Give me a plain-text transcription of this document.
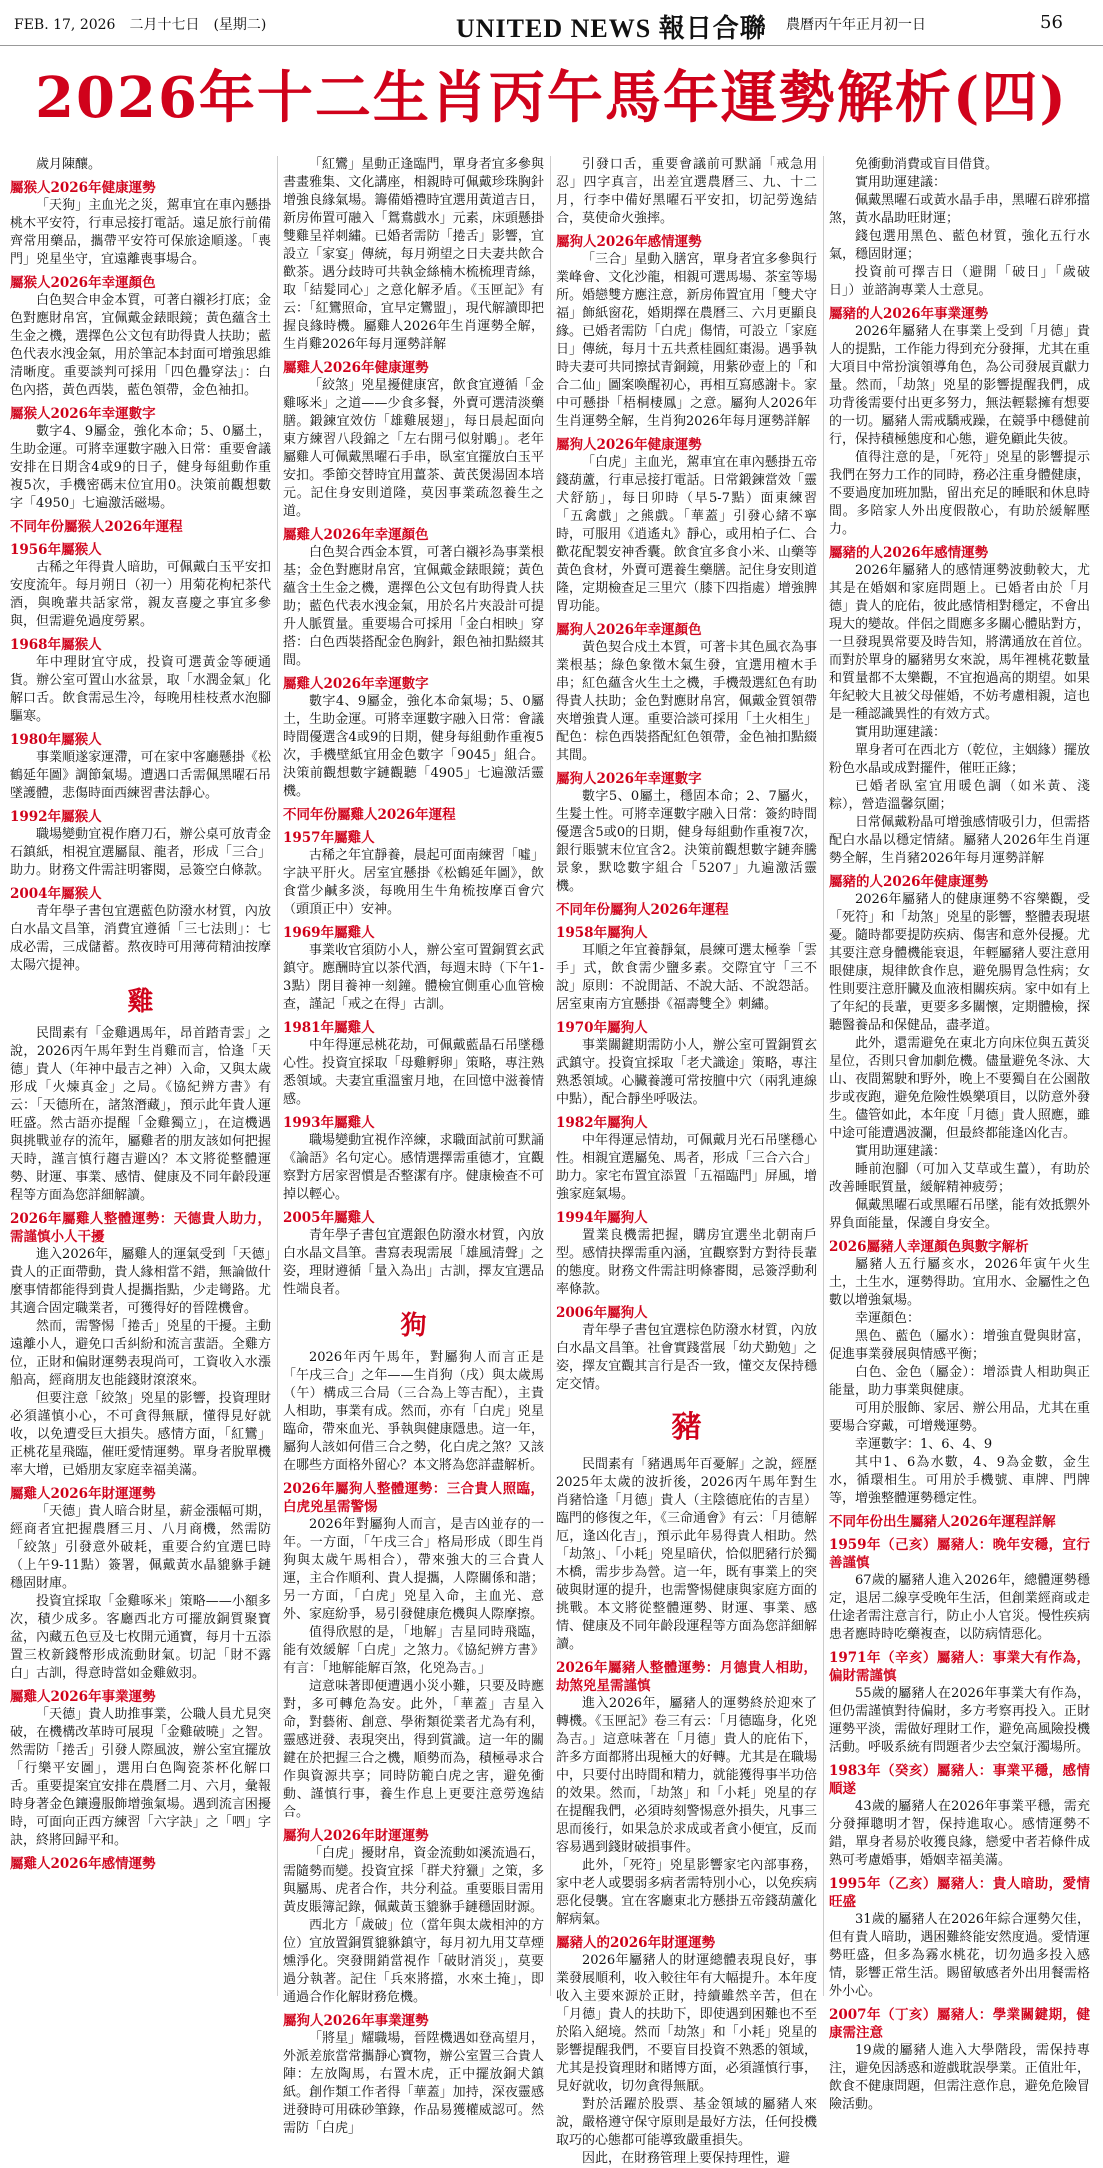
FEB. 17, 2026　 二月十七日　 (星期二)	UNITED NEWS 報日合聯 農曆丙午年正月初一日	56
2026年十二生肖丙午馬年運勢解析(四)
歲月陳釀。
屬猴人2026年健康運勢
「天狗」主血光之災，駕車宜在車內懸掛桃木平安符，行車忌接打電話。遠足旅行前備齊常用藥品，攜帶平安符可保旅途順遂。「喪門」兇星坐守，宜遠離喪事場合。
屬猴人2026年幸運顏色
白色契合申金本質，可著白襯衫打底；金色對應財帛宮，宜佩戴金錶眼鏡；黃色蘊含土生金之機，選擇色公文包有助得貴人扶助；藍色代表水洩金氣，用於筆記本封面可增強思維清晰度。重要談判可採用「四色疊穿法」：白色內搭，黃色西裝，藍色領帶，金色袖扣。
屬猴人2026年幸運數字
數字4、9屬金，強化本命；5、0屬土，生助金運。可將幸運數字融入日常：重要會議安排在日期含4或9的日子，健身每組動作重複5次，手機密碼末位宜用0。決策前觀想數字「4950」七遍激活磁場。
不同年份屬猴人2026年運程
1956年屬猴人
古稀之年得貴人暗助，可佩戴白玉平安扣安度流年。每月朔日（初一）用菊花枸杞茶代酒，與晚輩共話家常，親友喜慶之事宜多參與，但需避免過度勞累。
1968年屬猴人
年中理財宜守成，投資可選黃金等硬通貨。辦公室可置山水盆景，取「水潤金氣」化解口舌。飲食需忌生冷，每晚用桂枝煮水泡腳驅寒。
1980年屬猴人
事業順遂家運滯，可在家中客廳懸掛《松鶴延年圖》調節氣場。遭遇口舌需佩黑曜石吊墜護體，悲傷時面西練習書法靜心。
1992年屬猴人
職場變動宜視作磨刀石，辦公桌可放青金石鎮紙，相視宜選屬鼠、龍者，形成「三合」助力。財務文件需註明審閱，忌簽空白條款。
2004年屬猴人
青年學子書包宜選藍色防潑水材質，內放白水晶文昌筆，消費宜遵循「三七法則」：七成必需，三成儲蓄。熬夜時可用薄荷精油按摩太陽穴提神。
雞
民間素有「金雞遇馬年，昂首踏青雲」之說，2026丙午馬年對生肖雞而言，恰逢「天德」貴人（年神中最吉之神）入命，又與太歲形成「火煉真金」之局。《協紀辨方書》有云：「天德所在，諸煞潛藏」，預示此年貴人運旺盛。然古語亦提醒「金雞獨立」，在這機遇與挑戰並存的流年，屬雞者的朋友該如何把握天時，謹言慎行趨吉避凶？本文將從整體運勢、財運、事業、感情、健康及不同年齡段運程等方面為您詳細解讀。
2026年屬雞人整體運勢：天德貴人助力，需謹慎小人干擾
進入2026年，屬雞人的運氣受到「天德」貴人的正面帶動，貴人緣相當不錯，無論做什麼事情都能得到貴人提攜指點，少走彎路。尤其適合固定職業者，可獲得好的晉陞機會。
然而，需警惕「捲舌」兇星的干擾。主動遠離小人，避免口舌糾紛和流言蜚語。全雞方位，正財和偏財運勢表現尚可，工資收入水漲船高，經商朋友也能錢財滾滾來。
但要注意「絞煞」兇星的影響，投資理財必須謹慎小心，不可貪得無厭，懂得見好就收，以免遭受巨大損失。感情方面，「紅鸞」正桃花星飛臨，催旺愛情運勢。單身者脫單機率大增，已婚朋友家庭幸福美滿。
屬雞人2026年財運運勢
「天德」貴人暗合財星，薪金漲幅可期，經商者宜把握農曆三月、八月商機，然需防「絞煞」引發意外破耗，重要合約宜選巳時（上午9-11點）簽署，佩戴黃水晶貔貅手鏈穩固財庫。
投資宜採取「金雞啄米」策略——小額多次，積少成多。客廳西北方可擺放銅質聚寶盆，內藏五色豆及七枚開元通寶，每月十五添置三枚新錢幣形成流動財氣。切記「財不露白」古訓，得意時當如金雞斂羽。
屬雞人2026年事業運勢
「天德」貴人助推事業，公職人員尤見突破，在機構改革時可展現「金雞破曉」之智。然需防「捲舌」引發人際風波，辦公室宜擺放「行樂平安圖」，選用白色陶瓷茶杯化解口舌。重要提案宜安排在農曆二月、六月，彙報時身著金色鑲邊服飾增強氣場。遇到流言困擾時，可面向正西方練習「六字訣」之「呬」字訣，終將回歸平和。
屬雞人2026年感情運勢
「紅鸞」星動正逢臨門，單身者宜多參與書畫雅集、文化講座，相親時可佩戴珍珠胸針增強良緣氣場。籌備婚禮時宜選用黃道吉日，新房佈置可融入「鴛鴦戲水」元素，床頭懸掛雙雞呈祥刺繡。已婚者需防「捲舌」影響，宜設立「家宴」傳統，每月朔望之日夫妻共飲合歡茶。遇分歧時可共執金絲楠木梳梳理青絲，取「結髮同心」之意化解矛盾。《玉匣記》有云：「紅鸞照命，宜早定鸞盟」，現代解讀即把握良緣時機。屬雞人2026年生肖運勢全解，生肖雞2026年每月運勢詳解
屬雞人2026年健康運勢
「絞煞」兇星擾健康宮，飲食宜遵循「金雞啄米」之道——少食多餐，外賣可選清淡藥膳。鍛鍊宜效仿「雄雞展翅」，每日晨起面向東方練習八段錦之「左右開弓似射鵰」。老年屬雞人可佩戴黑曜石手串，臥室宜擺放白玉平安扣。季節交替時宜用薑茶、黃芪煲湯固本培元。記住身安則道隆，莫因事業疏忽養生之道。
屬雞人2026年幸運顏色
白色契合西金本質，可著白襯衫為事業根基；金色對應財帛宮，宜佩戴金錶眼鏡；黃色蘊含土生金之機，選擇色公文包有助得貴人扶助；藍色代表水洩金氣，用於名片夾設計可提升人脈質量。重要場合可採用「金白相映」穿搭：白色西裝搭配金色胸針，銀色袖扣點綴其間。
屬雞人2026年幸運數字
數字4、9屬金，強化本命氣場；5、0屬土，生助金運。可將幸運數字融入日常：會議時間優選含4或9的日期，健身每組動作重複5次，手機壁紙宜用金色數字「9045」組合。決策前觀想數字鏈觀聽「4905」七遍激活靈機。
不同年份屬雞人2026年運程
1957年屬雞人
古稀之年宜靜養，晨起可面南練習「噓」字訣平肝火。居室宜懸掛《松鶴延年圖》，飲食當少鹹多淡，每晚用生牛角梳按摩百會穴（頭頂正中）安神。
1969年屬雞人
事業收官須防小人，辦公室可置銅質玄武鎮守。應酬時宜以茶代酒，每週末時（下午1-3點）閉目養神一刻鐘。體檢宜側重心血管檢查，謹記「戒之在得」古訓。
1981年屬雞人
中年得運忌桃花劫，可佩戴藍晶石吊墜穩心性。投資宜採取「母雞孵卵」策略，專注熟悉領域。夫妻宜重溫蜜月地，在回憶中滋養情感。
1993年屬雞人
職場變動宜視作淬練，求職面試前可默誦《論語》名句定心。感情選擇需重德才，宜觀察對方居家習慣是否整潔有序。健康檢查不可掉以輕心。
2005年屬雞人
青年學子書包宜選銀色防潑水材質，內放白水晶文昌筆。書寫表現需展「雄風清聲」之姿，理財遵循「量入為出」古訓，擇友宜選品性端良者。
狗
2026年丙午馬年，對屬狗人而言正是「午戌三合」之年——生肖狗（戌）與太歲馬（午）構成三合局（三合為上等吉配），主貴人相助，事業有成。然而，亦有「白虎」兇星臨命，帶來血光、爭執與健康隱患。這一年，屬狗人該如何借三合之勢，化白虎之煞？又該在哪些方面格外留心？本文將為您詳盡解析。
2026年屬狗人整體運勢：三合貴人照臨，白虎兇星需警惕
2026年對屬狗人而言，是吉凶並存的一年。一方面，「午戌三合」格局形成（即生肖狗與太歲午馬相合），帶來強大的三合貴人運，主合作順利、貴人提攜，人際關係和諧；另一方面，「白虎」兇星入命，主血光、意外、家庭紛爭，易引發健康危機與人際摩擦。
值得欣慰的是，「地解」吉星同時飛臨，能有效緩解「白虎」之煞力。《協紀辨方書》有言：「地解能解百煞，化兇為吉。」
這意味著即便遭遇小災小難，只要及時應對，多可轉危為安。此外，「華蓋」吉星入命，對藝術、創意、學術類從業者尤為有利，靈感迸發、表現突出，得到賞識。這一年的關鍵在於把握三合之機，順勢而為，積極尋求合作與資源共享；同時防範白虎之害，避免衝動、謹慎行事，養生作息上更要注意勞逸結合。
屬狗人2026年財運運勢
「白虎」擾財帛，資金流動如溪流過石，需隨勢而變。投資宜採「群犬狩獵」之策，多與屬馬、虎者合作，共分利益。重要賬目需用黃皮賬簿記錄，佩戴黃玉貔貅手鏈穩固財源。
西北方「歲破」位（當年與太歲相沖的方位）宜放置銅質貔貅鎮守，每月初九用艾草煙燻淨化。突發開銷當視作「破財消災」，莫要過分執著。記住「兵來將擋，水來土掩」，即通過合作化解財務危機。
屬狗人2026年事業運勢
「將星」耀職場，晉陞機遇如登高望月，外派差旅當常攜靜心寶物，辦公室置三合貴人陣：左放陶馬，右置木虎，正中擺放銅犬鎮紙。創作類工作者得「華蓋」加持，深夜靈感迸發時可用硃砂筆錄，作品易獲權威認可。然需防「白虎」
引發口舌，重要會議前可默誦「戒急用忍」四字真言，出差宜選農曆三、九、十二月，行李中備好黑曜石平安扣，切記勞逸結合，莫使命火強摔。
屬狗人2026年感情運勢
「三合」星動入膳宮，單身者宜多參與行業峰會、文化沙龍，相親可選馬場、茶室等場所。婚戀雙方應注意，新房佈置宜用「雙犬守福」飾紙窗花，婚期擇在農曆三、六月更顯良緣。已婚者需防「白虎」傷情，可設立「家庭日」傳統，每月十五共煮桂圓紅棗湯。遇爭執時夫妻可共同擦拭青銅鏡，用紫砂壺上的「和合二仙」圖案喚醒初心，再相互寫感謝卡。家中可懸掛「梧桐棲鳳」之意。屬狗人2026年生肖運勢全解，生肖狗2026年每月運勢詳解
屬狗人2026年健康運勢
「白虎」主血光，駕車宜在車內懸掛五帝錢葫蘆，行車忌接打電話。日常鍛鍊當效「靈犬舒筋」，每日卯時（早5-7點）面東練習「五禽戲」之熊戲。「華蓋」引發心緒不寧時，可服用《逍遙丸》靜心，或用柏子仁、合歡花配製安神香囊。飲食宜多食小米、山藥等黃色食材，外賣可選養生藥膳。記住身安則道隆，定期檢查足三里穴（膝下四指處）增強脾胃功能。
屬狗人2026年幸運顏色
黃色契合戍土本質，可著卡其色風衣為事業根基；綠色象徵木氣生發，宜選用檀木手串；紅色蘊含火生土之機，手機殼選紅色有助得貴人扶助；金色對應財帛宮，佩戴金質領帶夾增強貴人運。重要洽談可採用「土火相生」配色：棕色西裝搭配紅色領帶，金色袖扣點綴其間。
屬狗人2026年幸運數字
數字5、0屬土，穩固本命；2、7屬火，生髮土性。可將幸運數字融入日常：簽約時間優選含5或0的日期，健身每組動作重複7次，銀行賬號末位宜含2。決策前觀想數字鏈奔騰景象，默唸數字組合「5207」九遍激活靈機。
不同年份屬狗人2026年運程
1958年屬狗人
耳順之年宜養靜氣，晨練可選太極拳「雲手」式，飲食需少鹽多素。交際宜守「三不說」原則：不說閒話、不說大話、不說怨話。居室東南方宜懸掛《福壽雙全》刺繡。
1970年屬狗人
事業關鍵期需防小人，辦公室可置銅質玄武鎮守。投資宜採取「老犬識途」策略，專注熟悉領域。心臟養護可常按膻中穴（兩乳連線中點），配合靜坐呼吸法。
1982年屬狗人
中年得運忌情劫，可佩戴月光石吊墜穩心性。相親宜選屬兔、馬者，形成「三合六合」助力。家宅布置宜添置「五福臨門」屏風，增強家庭氣場。
1994年屬狗人
置業良機需把握，購房宜選坐北朝南戶型。感情抉擇需重內涵，宜觀察對方對待長輩的態度。財務文件需註明條審閱，忌簽浮動利率條款。
2006年屬狗人
青年學子書包宜選棕色防潑水材質，內放白水晶文昌筆。社會實踐當展「幼犬勤勉」之姿，擇友宜觀其言行是否一致，懂交友保持穩定交情。
豬
民間素有「豬遇馬年百憂解」之說，經歷2025年太歲的波折後，2026丙午馬年對生肖豬恰逢「月德」貴人（主陰德庇佑的吉星）臨門的修復之年，《三命通會》有云：「月德解厄，逢凶化吉」，預示此年易得貴人相助。然「劫煞」、「小耗」兇星暗伏，恰似肥豬行於獨木橋，需步步為營。這一年，既有事業上的突破與財運的提升，也需警惕健康與家庭方面的挑戰。本文將從整體運勢、財運、事業、感情、健康及不同年齡段運程等方面為您詳細解讀。
2026年屬豬人整體運勢：月德貴人相助，劫煞兇星需謹慎
進入2026年，屬豬人的運勢終於迎來了轉機。《玉匣記》卷三有云：「月德臨身，化兇為吉。」這意味著在「月德」貴人的庇佑下，許多方面都將出現極大的好轉。尤其是在職場中，只要付出時間和精力，就能獲得事半功倍的效果。然而，「劫煞」和「小耗」兇星的存在提醒我們，必須時刻警惕意外損失，凡事三思而後行，如果急於求成或者貪小便宜，反而容易遇到錢財破損事件。
此外，「死符」兇星影響家宅內部事務，家中老人或嬰弱多病者需特別小心，以免疾病惡化侵襲。宜在客廳東北方懸掛五帝錢葫蘆化解病氣。
屬豬人的2026年財運運勢
2026年屬豬人的財運總體表現良好，事業發展順利，收入較往年有大幅提升。本年度收入主要來源於正財，持續雖然辛苦，但在「月德」貴人的扶助下，即使遇到困難也不至於陷入絕境。然而「劫煞」和「小耗」兇星的影響提醒我們，不要盲目投資不熟悉的領域，尤其是投資理財和賭博方面，必須謹慎行事，見好就收，切勿貪得無厭。
對於活躍於股票、基金領域的屬豬人來說，嚴格遵守保守原則是最好方法，任何投機取巧的心態都可能導致嚴重損失。
因此，在財務管理上要保持理性，避
免衝動消費或盲目借貸。
實用助運建議：
佩戴黑曜石或黃水晶手串，黑曜石辟邪擋煞，黃水晶助旺財運；
錢包選用黑色、藍色材質，強化五行水氣，穩固財運；
投資前可擇吉日（避開「破日」「歲破日」）並諮詢專業人士意見。
屬豬的人2026年事業運勢
2026年屬豬人在事業上受到「月德」貴人的提點，工作能力得到充分發揮，尤其在重大項目中常扮演領導角色，為公司發展貢獻力量。然而，「劫煞」兇星的影響提醒我們，成功背後需要付出更多努力，無法輕鬆擁有想要的一切。屬豬人需戒驕戒躁，在競爭中穩健前行，保持積極態度和心態，避免顧此失彼。
值得注意的是，「死符」兇星的影響提示我們在努力工作的同時，務必注重身體健康，不要過度加班加點，留出充足的睡眠和休息時間。多陪家人外出度假散心，有助於緩解壓力。
屬豬的人2026年感情運勢
2026年屬豬人的感情運勢波動較大，尤其是在婚姻和家庭問題上。已婚者由於「月德」貴人的庇佑，彼此感情相對穩定，不會出現大的變故。伴侶之間應多多關心體貼對方，一旦發現異常要及時告知，將溝通放在首位。而對於單身的屬豬男女來說，馬年裡桃花數量和質量都不太樂觀，不宜抱過高的期望。如果年紀較大且被父母催婚，不妨考慮相親，這也是一種認識異性的有效方式。
實用助運建議：
單身者可在西北方（乾位，主姻緣）擺放粉色水晶或成對擺件，催旺正緣；
已婚者臥室宜用暖色調（如米黃、淺粽），營造溫馨氛圍；
日常佩戴粉晶可增強感情吸引力，但需搭配白水晶以穩定情緒。屬豬人2026年生肖運勢全解，生肖豬2026年每月運勢詳解
屬豬的人2026年健康運勢
2026年屬豬人的健康運勢不容樂觀，受「死符」和「劫煞」兇星的影響，整體表現堪憂。隨時都要提防疾病、傷害和意外侵擾。尤其要注意身體機能衰退，年輕屬豬人要注意用眼健康，規律飲食作息，避免腸胃急性病；女性則要注意肝臟及血液相關疾病。家中如有上了年紀的長輩，更要多多關懷，定期體檢，探聽醫養品和保健品，盡孝道。
此外，還需避免在東北方向床位與五黃災星位，否則只會加劇危機。儘量避免冬泳、大山、夜間駕駛和野外，晚上不要獨自在公園散步或夜跑，避免危險性娛樂項目，以防意外發生。儘管如此，本年度「月德」貴人照應，雖中途可能遭遇波瀾，但最終都能逢凶化吉。
實用助運建議：
睡前泡腳（可加入艾草或生薑），有助於改善睡眠質量，緩解精神疲勞；
佩戴黑曜石或黑曜石吊墜，能有效抵禦外界負面能量，保護自身安全。
2026屬豬人幸運顏色與數字解析
屬豬人五行屬亥水，2026年寅午火生土，土生水，運勢得助。宜用水、金屬性之色數以增強氣場。
幸運顏色：
黑色、藍色（屬水）：增強直覺與財富，促進事業發展與情感平衡；
白色、金色（屬金）：增添貴人相助與正能量，助力事業與健康。
可用於服飾、家居、辦公用品，尤其在重要場合穿戴，可增幾運勢。
幸運數字：1、6、4、9
其中1、6為水數，4、9為金數，金生水，循環相生。可用於手機號、車牌、門牌等，增強整體運勢穩定性。
不同年份出生屬豬人2026年運程詳解
1959年（己亥）屬豬人：晚年安穩，宜行善謹慎
67歲的屬豬人進入2026年，總體運勢穩定，退居二線享受晚年生活，但創業經商或走仕途者需注意言行，防止小人官災。慢性疾病患者應時時吃藥複查，以防病情惡化。
1971年（辛亥）屬豬人：事業大有作為，偏財需謹慎
55歲的屬豬人在2026年事業大有作為，但仍需謹慎對待偏財，多方考察再投入。正財運勢平淡，需做好理財工作，避免高風險投機活動。呼吸系統有問題者少去空氣汙濁場所。
1983年（癸亥）屬豬人：事業平穩，感情順遂
43歲的屬豬人在2026年事業平穩，需充分發揮聰明才智，保持進取心。感情運勢不錯，單身者易於收獲良緣，戀愛中者若條件成熟可考慮婚事，婚姻幸福美滿。
1995年（乙亥）屬豬人：貴人暗助，愛情旺盛
31歲的屬豬人在2026年綜合運勢欠佳，但有貴人暗助，遇困難終能安然度過。愛情運勢旺盛，但多為霧水桃花，切勿過多投入感情，影響正常生活。賜留敏感者外出用餐需格外小心。
2007年（丁亥）屬豬人：學業關鍵期，健康需注意
19歲的屬豬人進入大學階段，需保持專注，避免因誘惑和遊戲耽誤學業。正值壯年，飲食不健康問題，但需注意作息，避免危險冒險活動。
